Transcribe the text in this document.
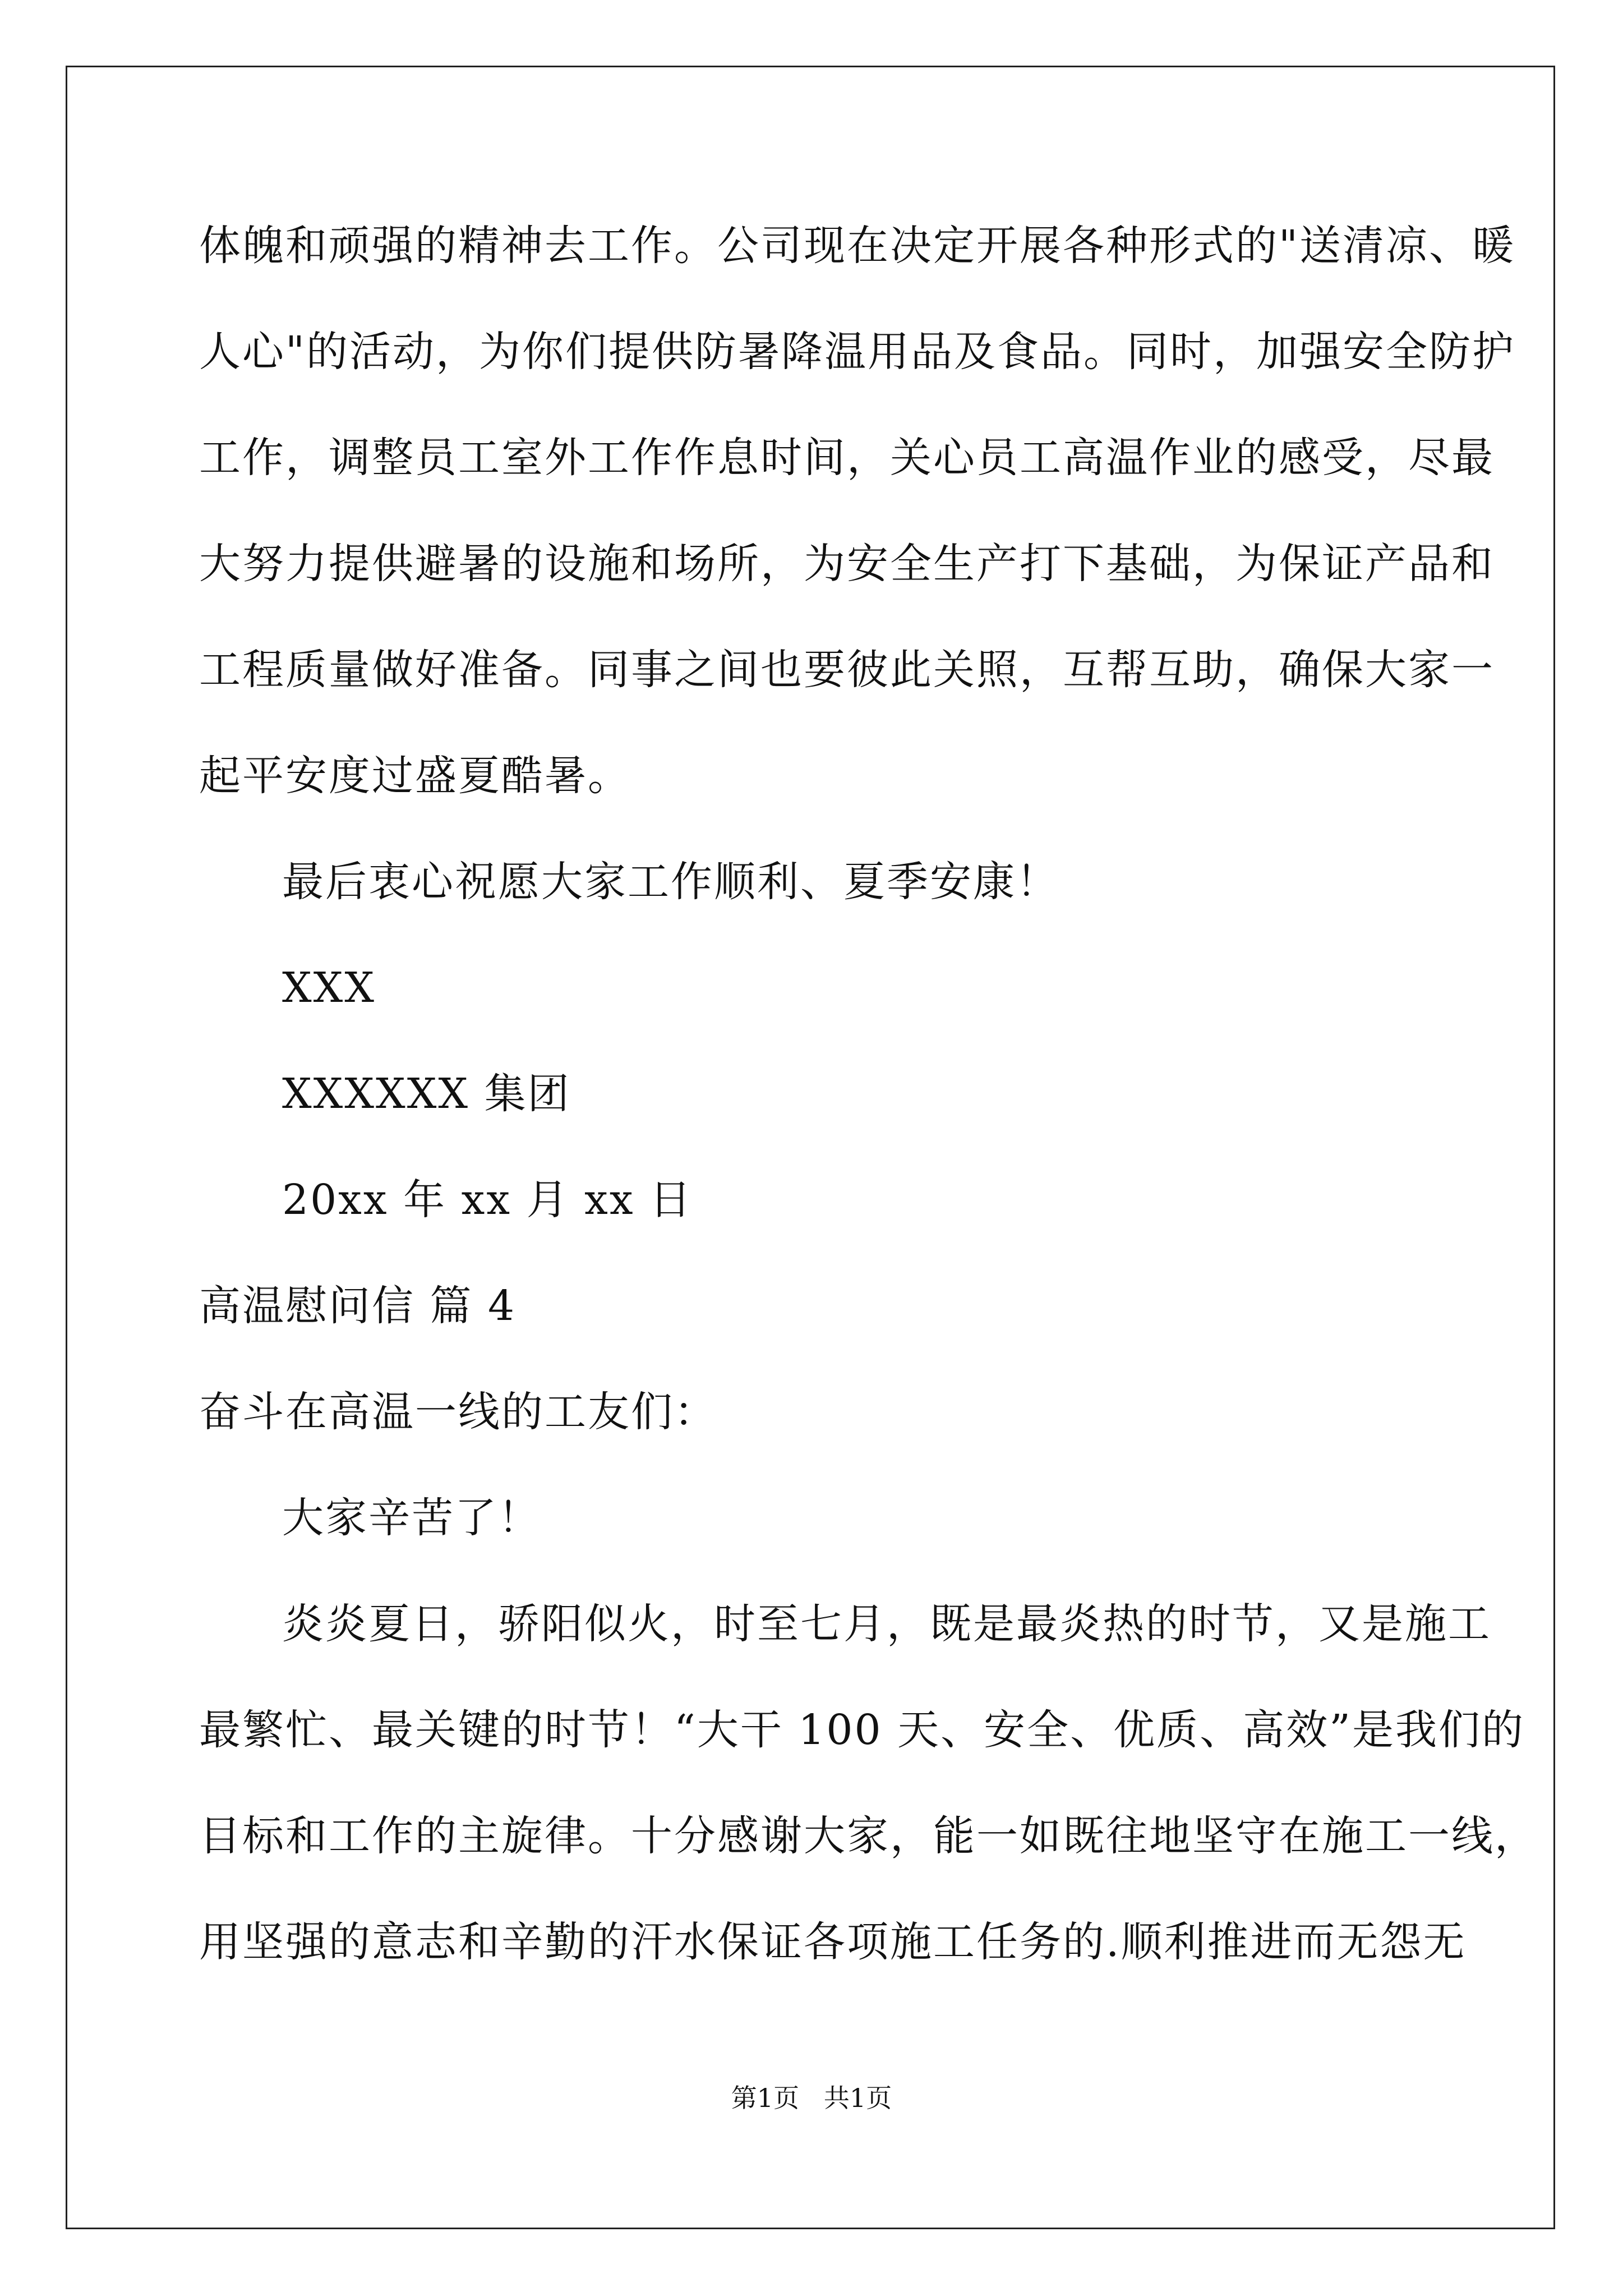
体魄和顽强的精神去工作。公司现在决定开展各种形式的"送清凉、暖
人心"的活动，为你们提供防暑降温用品及食品。同时，加强安全防护
工作，调整员工室外工作作息时间，关心员工高温作业的感受，尽最
大努力提供避暑的设施和场所，为安全生产打下基础，为保证产品和
工程质量做好准备。同事之间也要彼此关照，互帮互助，确保大家一
起平安度过盛夏酷暑。
最后衷心祝愿大家工作顺利、夏季安康！
XXX
XXXXXX 集团
20xx 年 xx 月 xx 日
高温慰问信 篇 4
奋斗在高温一线的工友们：
大家辛苦了！
炎炎夏日，骄阳似火，时至七月，既是最炎热的时节，又是施工
最繁忙、最关键的时节！“大干 100 天、安全、优质、高效”是我们的
目标和工作的主旋律。十分感谢大家，能一如既往地坚守在施工一线，
用坚强的意志和辛勤的汗水保证各项施工任务的.顺利推进而无怨无
第1页   共1页
